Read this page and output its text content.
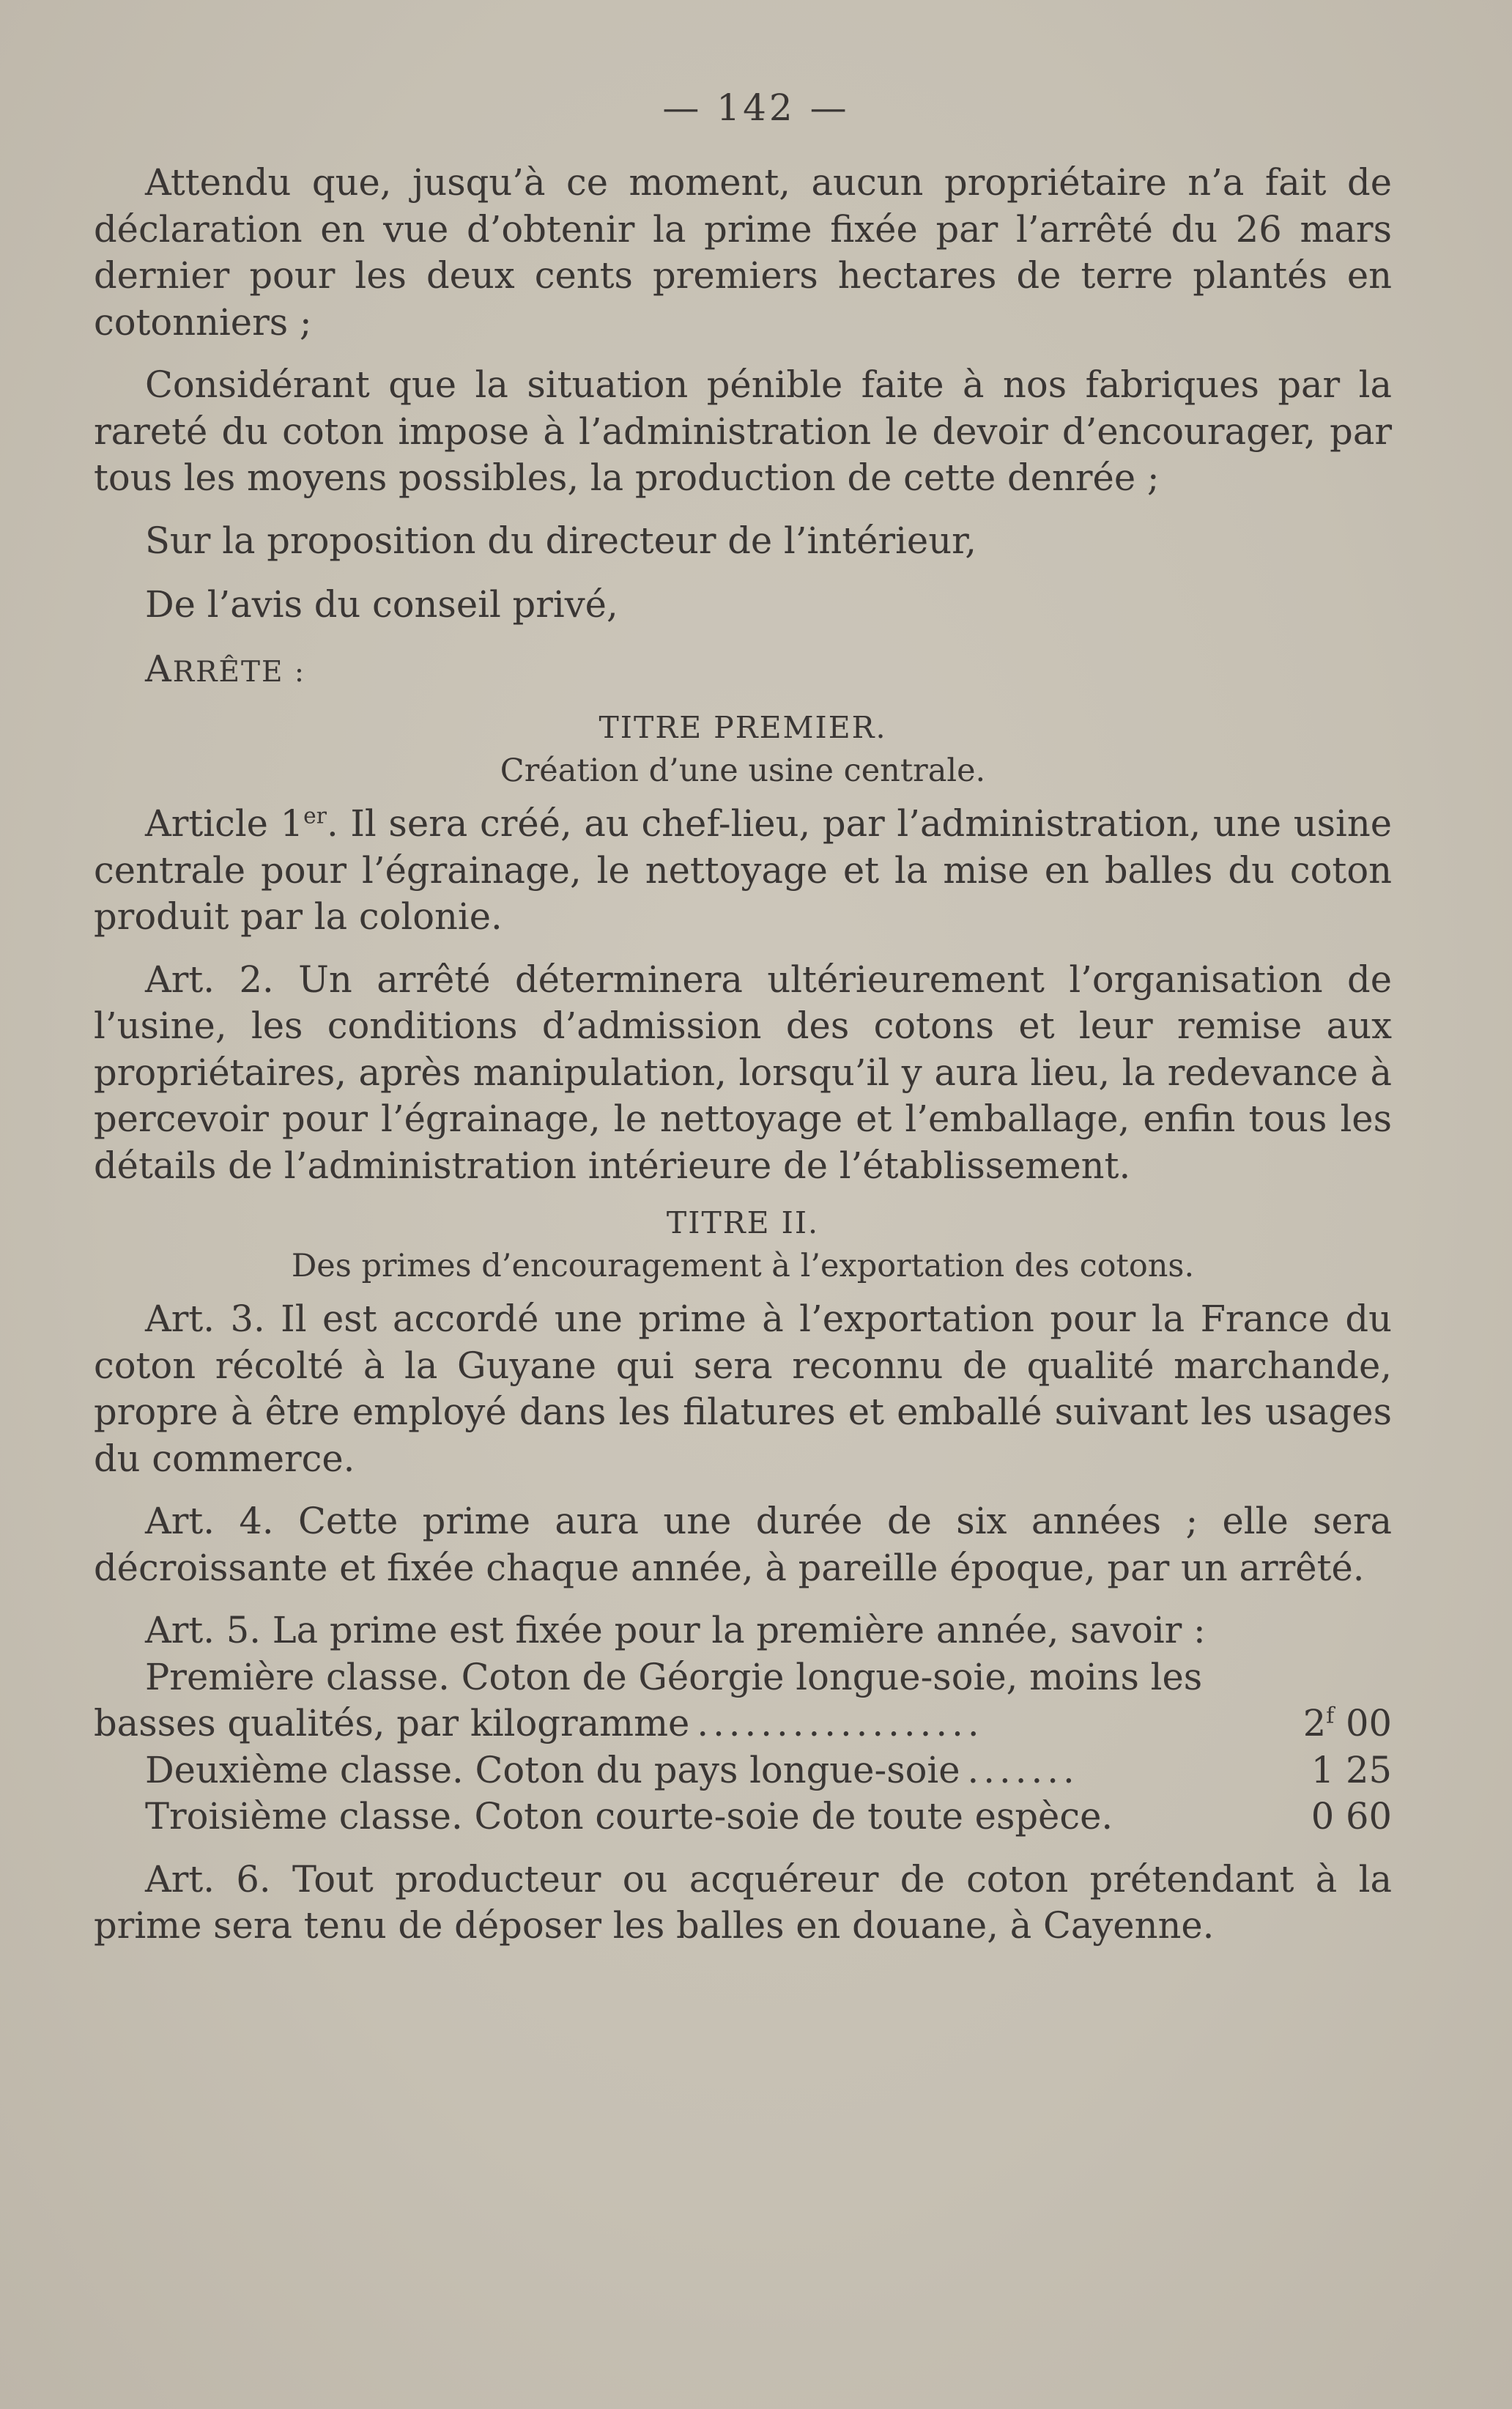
— 142 —

Attendu que, jusqu’à ce moment, aucun propriétaire n’a fait de déclaration en vue d’obtenir la prime fixée par l’arrêté du 26 mars dernier pour les deux cents premiers hectares de terre plantés en cotonniers ;

Considérant que la situation pénible faite à nos fabriques par la rareté du coton impose à l’administration le devoir d’encourager, par tous les moyens possibles, la production de cette denrée ;

Sur la proposition du directeur de l’intérieur,

De l’avis du conseil privé,

ARRÊTE :

TITRE PREMIER.

Création d’une usine centrale.

Article 1er. Il sera créé, au chef-lieu, par l’administration, une usine centrale pour l’égrainage, le nettoyage et la mise en balles du coton produit par la colonie.

Art. 2. Un arrêté déterminera ultérieurement l’organisation de l’usine, les conditions d’admission des cotons et leur remise aux propriétaires, après manipulation, lorsqu’il y aura lieu, la redevance à percevoir pour l’égrainage, le nettoyage et l’emballage, enfin tous les détails de l’administration intérieure de l’établissement.

TITRE II.

Des primes d’encouragement à l’exportation des cotons.

Art. 3. Il est accordé une prime à l’exportation pour la France du coton récolté à la Guyane qui sera reconnu de qualité marchande, propre à être employé dans les filatures et emballé suivant les usages du commerce.

Art. 4. Cette prime aura une durée de six années ; elle sera décroissante et fixée chaque année, à pareille époque, par un arrêté.

Art. 5. La prime est fixée pour la première année, savoir :

Première classe. Coton de Géorgie longue-soie, moins les

basses qualités, par kilogramme ..................	2$^f$ 00
Deuxième classe. Coton du pays longue-soie .......	1 25
Troisième classe. Coton courte-soie de toute espèce.	0 60

Art. 6. Tout producteur ou acquéreur de coton prétendant à la prime sera tenu de déposer les balles en douane, à Cayenne.
